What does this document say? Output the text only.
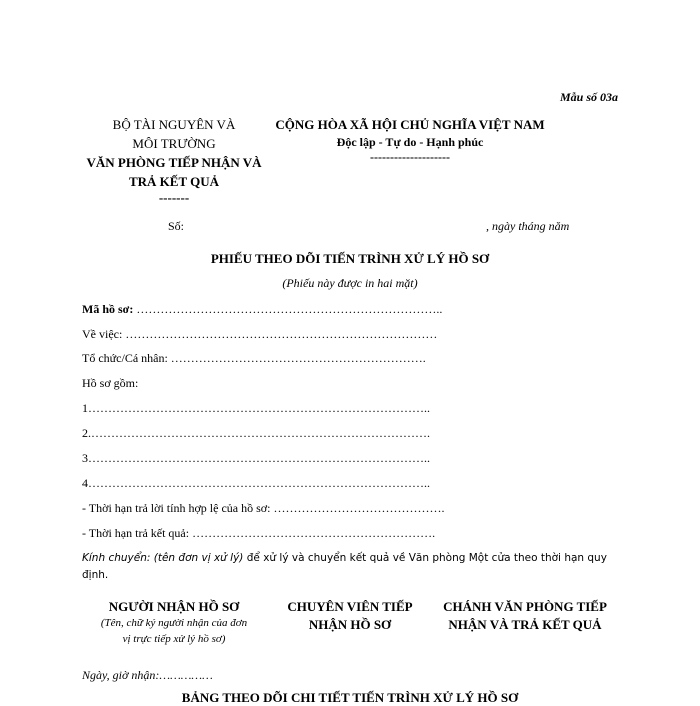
Mẫu số 03a
BỘ TÀI NGUYÊN VÀ
MÔI TRƯỜNG
VĂN PHÒNG TIẾP NHẬN VÀ
TRẢ KẾT QUẢ
-------
CỘNG HÒA XÃ HỘI CHỦ NGHĨA VIỆT NAM
Độc lập - Tự do - Hạnh phúc
--------------------
Số:	, ngày tháng năm
PHIẾU THEO DÕI TIẾN TRÌNH XỬ LÝ HỒ SƠ
(Phiếu này được in hai mặt)
Mã hồ sơ: …………………………………………………………………..
Về việc: ……………………………………………………………………
Tổ chức/Cá nhân: ……………………………………………………….
Hồ sơ gồm:
1…………………………………………………………………………..
2.………………………………………………………………………….
3…………………………………………………………………………..
4…………………………………………………………………………..
- Thời hạn trả lời tính hợp lệ của hồ sơ: …………………………………….
- Thời hạn trả kết quả: …………………………………………………….
Kính chuyển: (tên đơn vị xử lý) để xử lý và chuyển kết quả về Văn phòng Một cửa theo thời hạn quy
định.
NGƯỜI NHẬN HỒ SƠ
(Tên, chữ ký người nhận của đơn
vị trực tiếp xử lý hồ sơ)
CHUYÊN VIÊN TIẾP
NHẬN HỒ SƠ
CHÁNH VĂN PHÒNG TIẾP
NHẬN VÀ TRẢ KẾT QUẢ
Ngày, giờ nhận:……………
BẢNG THEO DÕI CHI TIẾT TIẾN TRÌNH XỬ LÝ HỒ SƠ
